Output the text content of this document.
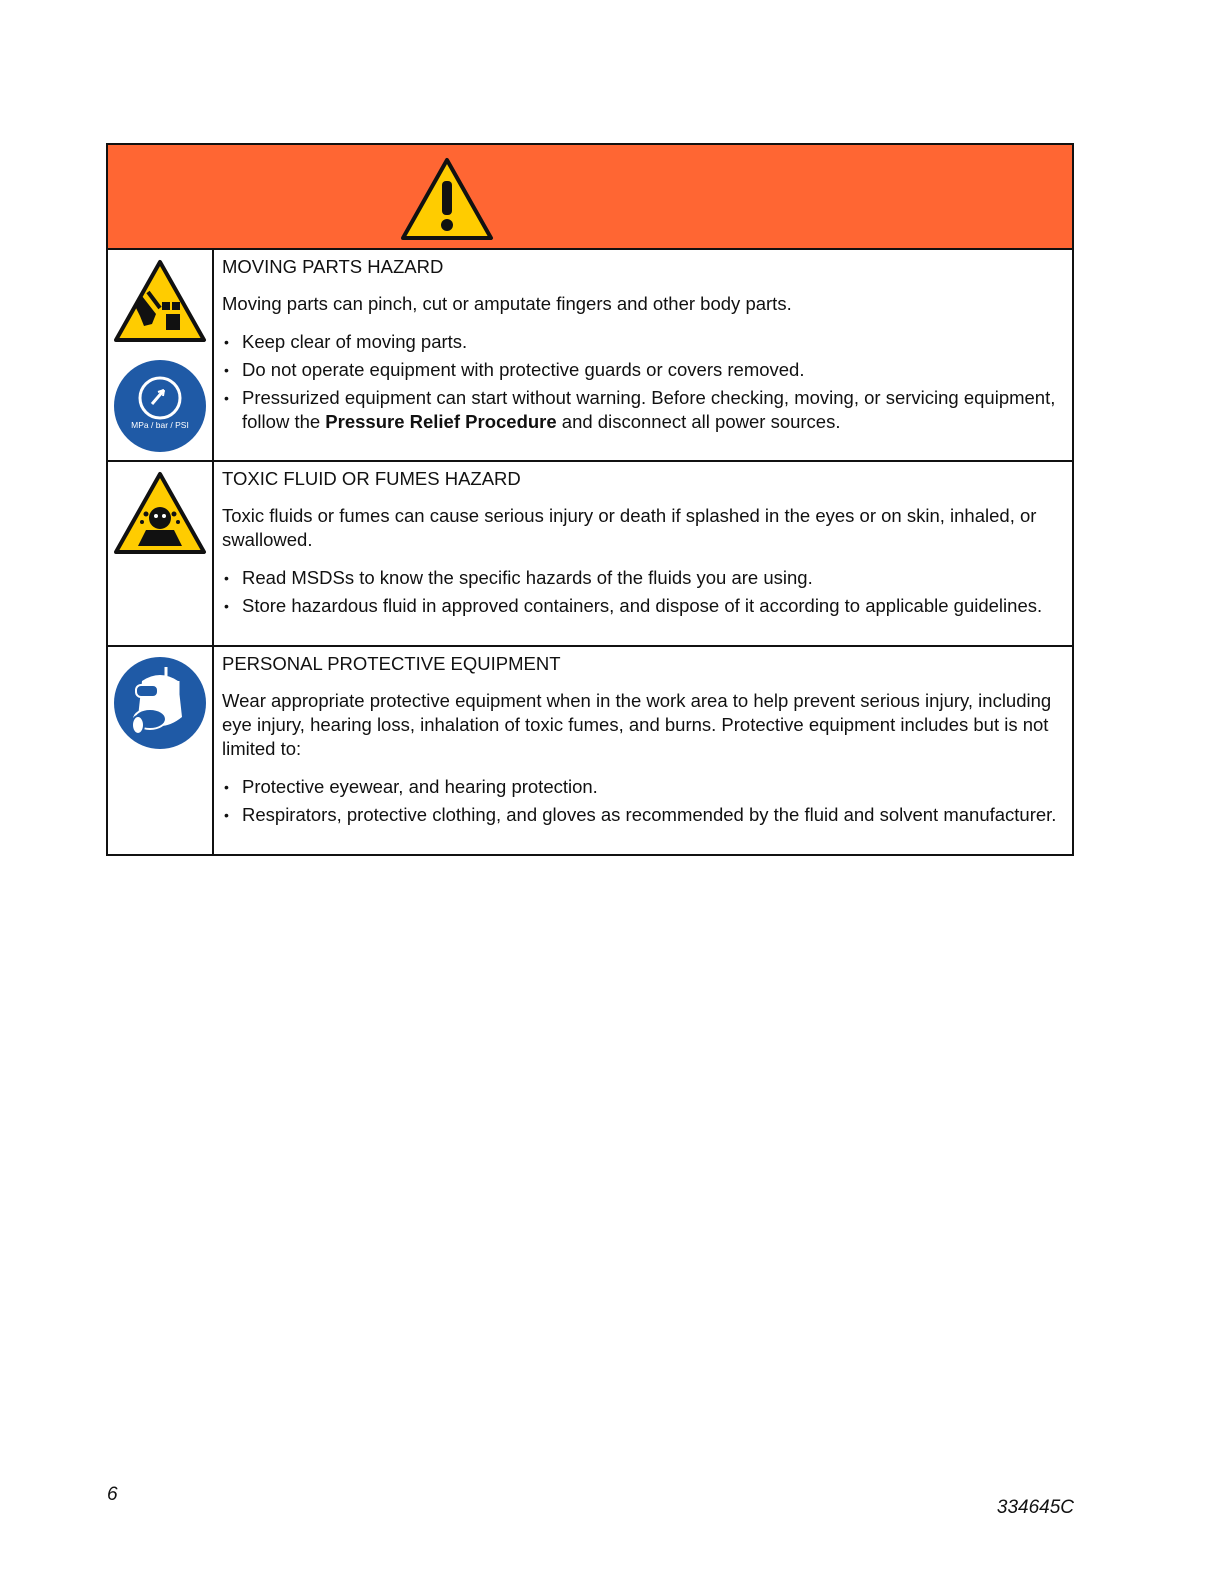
MPa / bar / PSI
MOVING PARTS HAZARD

Moving parts can pinch, cut or amputate fingers and other body parts.

• Keep clear of moving parts.
• Do not operate equipment with protective guards or covers removed.
• Pressurized equipment can start without warning. Before checking, moving, or servicing equipment, follow the Pressure Relief Procedure and disconnect all power sources.
TOXIC FLUID OR FUMES HAZARD

Toxic fluids or fumes can cause serious injury or death if splashed in the eyes or on skin, inhaled, or swallowed.

• Read MSDSs to know the specific hazards of the fluids you are using.
• Store hazardous fluid in approved containers, and dispose of it according to applicable guidelines.
PERSONAL PROTECTIVE EQUIPMENT

Wear appropriate protective equipment when in the work area to help prevent serious injury, including eye injury, hearing loss, inhalation of toxic fumes, and burns. Protective equipment includes but is not limited to:

• Protective eyewear, and hearing protection.
• Respirators, protective clothing, and gloves as recommended by the fluid and solvent manufacturer.
6
334645C
